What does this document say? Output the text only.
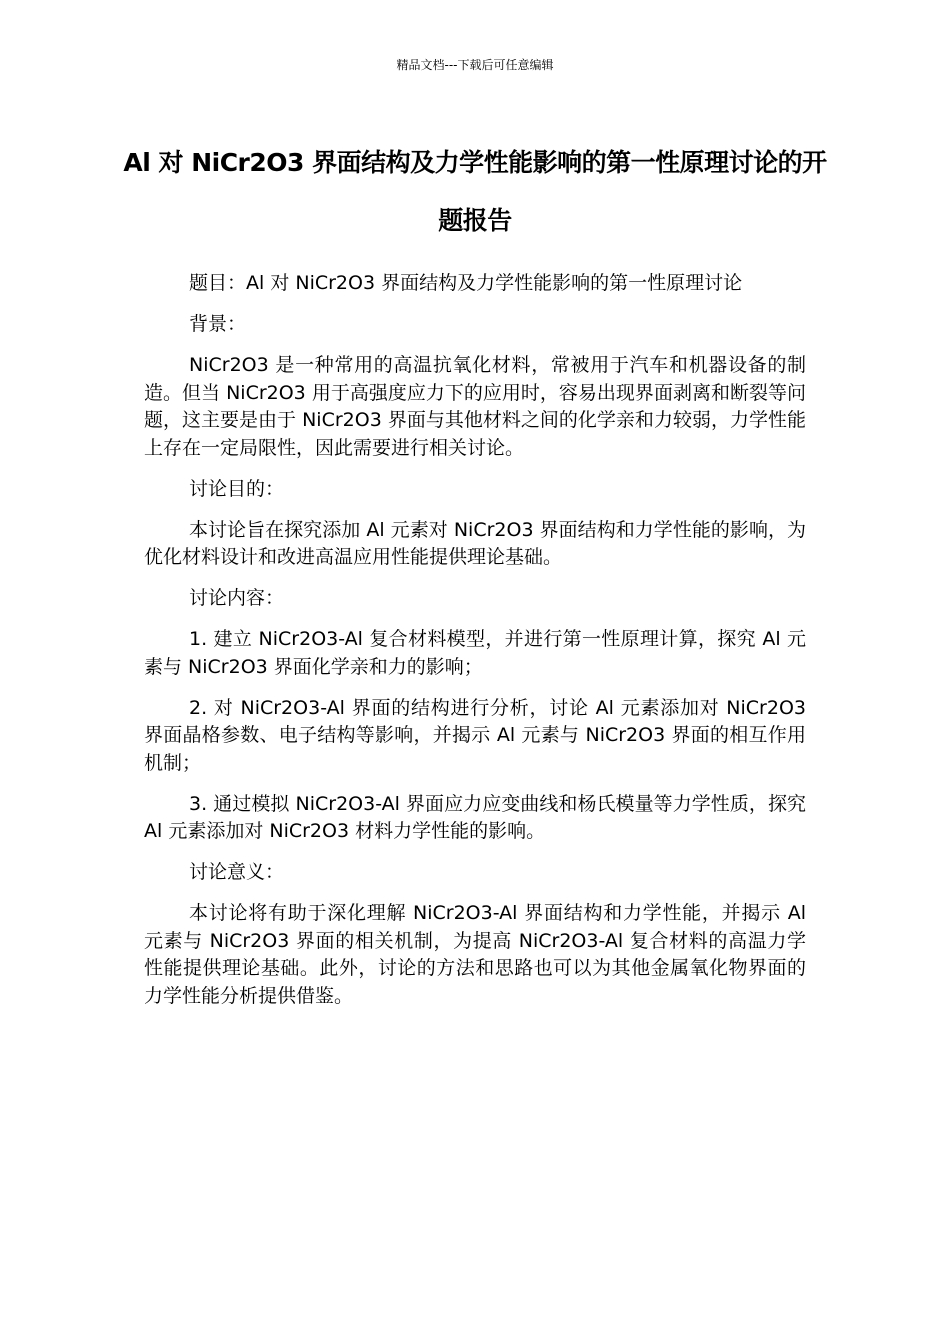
精品文档---下载后可任意编辑
Al 对 NiCr2O3 界面结构及力学性能影响的第一性原理讨论的开题报告

题目：Al 对 NiCr2O3 界面结构及力学性能影响的第一性原理讨论

背景：

NiCr2O3 是一种常用的高温抗氧化材料，常被用于汽车和机器设备的制造。但当 NiCr2O3 用于高强度应力下的应用时，容易出现界面剥离和断裂等问题，这主要是由于 NiCr2O3 界面与其他材料之间的化学亲和力较弱，力学性能上存在一定局限性，因此需要进行相关讨论。

讨论目的：

本讨论旨在探究添加 Al 元素对 NiCr2O3 界面结构和力学性能的影响，为优化材料设计和改进高温应用性能提供理论基础。

讨论内容：

1. 建立 NiCr2O3-Al 复合材料模型，并进行第一性原理计算，探究 Al 元素与 NiCr2O3 界面化学亲和力的影响；

2. 对 NiCr2O3-Al 界面的结构进行分析，讨论 Al 元素添加对 NiCr2O3 界面晶格参数、电子结构等影响，并揭示 Al 元素与 NiCr2O3 界面的相互作用机制；

3. 通过模拟 NiCr2O3-Al 界面应力应变曲线和杨氏模量等力学性质，探究 Al 元素添加对 NiCr2O3 材料力学性能的影响。

讨论意义：

本讨论将有助于深化理解 NiCr2O3-Al 界面结构和力学性能，并揭示 Al 元素与 NiCr2O3 界面的相关机制，为提高 NiCr2O3-Al 复合材料的高温力学性能提供理论基础。此外，讨论的方法和思路也可以为其他金属氧化物界面的力学性能分析提供借鉴。
